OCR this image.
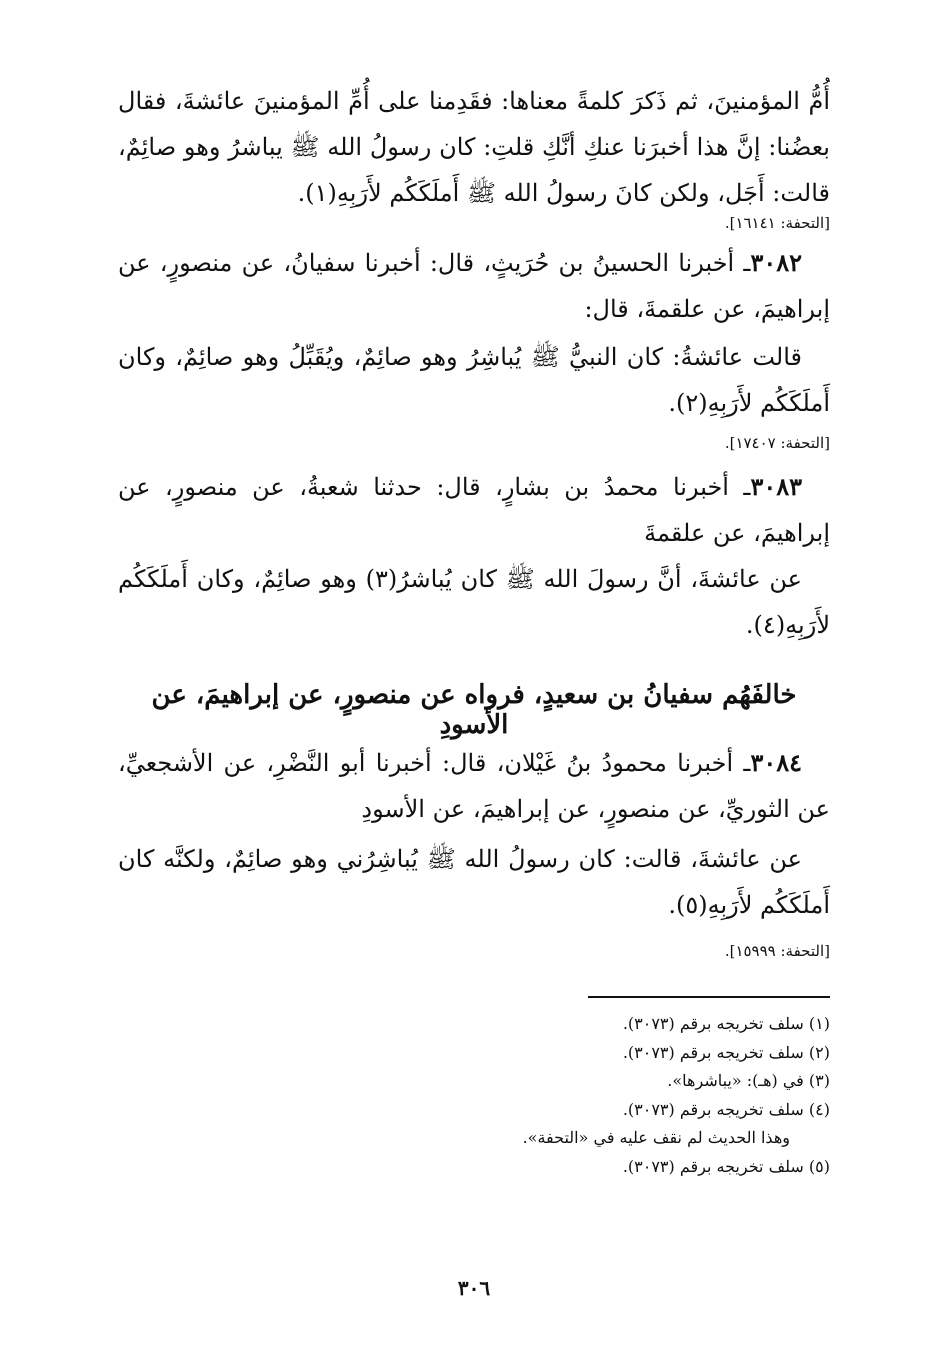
أُمُّ المؤمنينَ، ثم ذَكرَ كلمةً معناها: فقَدِمنا على أُمِّ المؤمنينَ عائشةَ، فقال بعضُنا: إنَّ هذا أخبرَنا عنكِ أنَّكِ قلتِ: كان رسولُ الله ﷺ يباشرُ وهو صائِمٌ، قالت: أَجَل، ولكن كانَ رسولُ الله ﷺ أَملَكَكُم لأَرَبِهِ(١).
[التحفة: ١٦١٤١].
٣٠٨٢ـ أخبرنا الحسينُ بن حُرَيثٍ، قال: أخبرنا سفيانُ، عن منصورٍ، عن إبراهيمَ، عن علقمةَ، قال:
قالت عائشةُ: كان النبيُّ ﷺ يُباشِرُ وهو صائِمٌ، ويُقَبِّلُ وهو صائِمٌ، وكان أَملَكَكُم لأَرَبِهِ(٢).
[التحفة: ١٧٤٠٧].
٣٠٨٣ـ أخبرنا محمدُ بن بشارٍ، قال: حدثنا شعبةُ، عن منصورٍ، عن إبراهيمَ، عن علقمةَ
عن عائشةَ، أنَّ رسولَ الله ﷺ كان يُباشرُ(٣) وهو صائِمٌ، وكان أَملَكَكُم لأَرَبِهِ(٤).
خالفَهُم سفيانُ بن سعيدٍ، فرواه عن منصورٍ، عن إبراهيمَ، عن الأسودِ
٣٠٨٤ـ أخبرنا محمودُ بنُ غَيْلان، قال: أخبرنا أبو النَّضْرِ، عن الأشجعيِّ، عن الثوريِّ، عن منصورٍ، عن إبراهيمَ، عن الأسودِ
عن عائشةَ، قالت: كان رسولُ الله ﷺ يُباشِرُني وهو صائِمٌ، ولكنَّه كان أَملَكَكُم لأَرَبِهِ(٥).
[التحفة: ١٥٩٩٩].
(١) سلف تخريجه برقم (٣٠٧٣).
(٢) سلف تخريجه برقم (٣٠٧٣).
(٣) في (هـ): «يباشرها».
(٤) سلف تخريجه برقم (٣٠٧٣).
وهذا الحديث لم نقف عليه في «التحفة».
(٥) سلف تخريجه برقم (٣٠٧٣).
٣٠٦
